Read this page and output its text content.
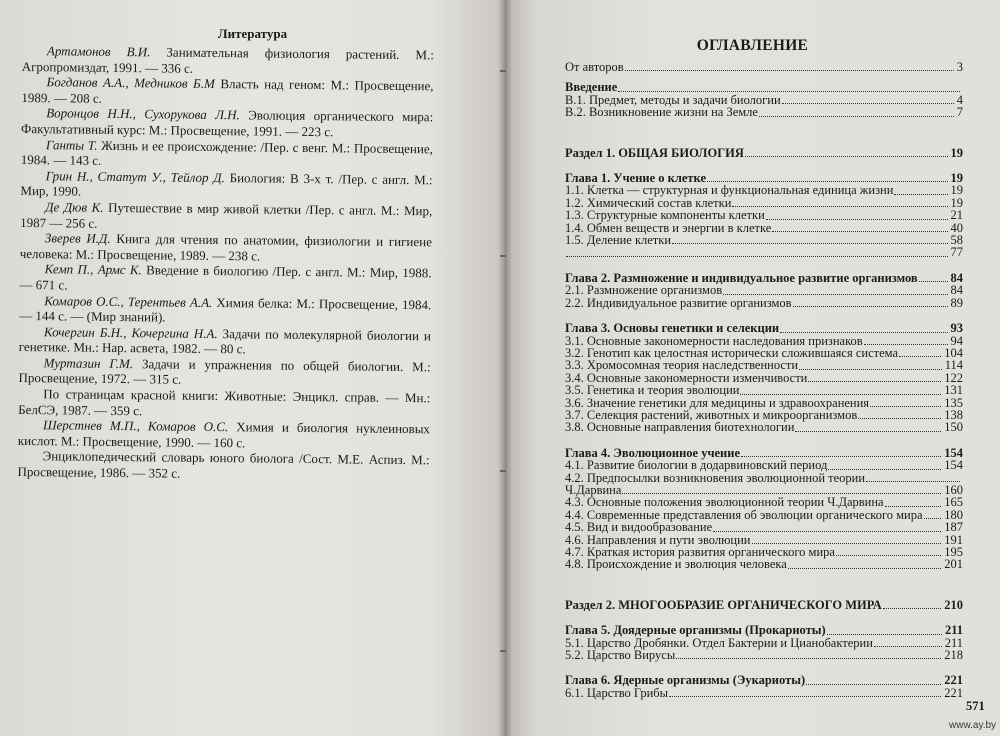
Литература

Артамонов В.И. Занимательная физиология растений. М.: Агропромиздат, 1991. — 336 с.

Богданов А.А., Медников Б.М Власть над геном: М.: Просвещение, 1989. — 208 с.

Воронцов Н.Н., Сухорукова Л.Н. Эволюция органического мира: Факультативный курс: М.: Просвещение, 1991. — 223 с.

Ганты Т. Жизнь и ее происхождение: /Пер. с венг. М.: Просвещение, 1984. — 143 с.

Грин Н., Статут У., Тейлор Д. Биология: В 3-х т. /Пер. с англ. М.: Мир, 1990.

Де Дюв К. Путешествие в мир живой клетки /Пер. с англ. М.: Мир, 1987 — 256 с.

Зверев И.Д. Книга для чтения по анатомии, физиологии и гигиене человека: М.: Просвещение, 1989. — 238 с.

Кемп П., Армс К. Введение в биологию /Пер. с англ. М.: Мир, 1988. — 671 с.

Комаров О.С., Терентьев А.А. Химия белка: М.: Просвещение, 1984. — 144 с. — (Мир знаний).

Кочергин Б.Н., Кочергина Н.А. Задачи по молекулярной биологии и генетике. Мн.: Нар. асвета, 1982. — 80 с.

Муртазин Г.М. Задачи и упражнения по общей биологии. М.: Просвещение, 1972. — 315 с.

По страницам красной книги: Животные: Энцикл. справ. — Мн.: БелСЭ, 1987. — 359 с.

Шерстнев М.П., Комаров О.С. Химия и биология нуклеиновых кислот. М.: Просвещение, 1990. — 160 с.

Энциклопедический словарь юного биолога /Сост. М.Е. Аспиз. М.: Просвещение, 1986. — 352 с.

ОГЛАВЛЕНИЕ
От авторов	3
Введение
В.1. Предмет, методы и задачи биологии	4
В.2. Возникновение жизни на Земле	7
Раздел 1. ОБЩАЯ БИОЛОГИЯ	19
Глава 1. Учение о клетке	19
1.1. Клетка — структурная и функциональная единица жизни	19
1.2. Химический состав клетки	19
1.3. Структурные компоненты клетки	21
1.4. Обмен веществ и энергии в клетке	40
1.5. Деление клетки	58
77
Глава 2. Размножение и индивидуальное развитие организмов	84
2.1. Размножение организмов	84
2.2. Индивидуальное развитие организмов	89
Глава 3. Основы генетики и селекции	93
3.1. Основные закономерности наследования признаков	94
3.2. Генотип как целостная исторически сложившаяся система	104
3.3. Хромосомная теория наследственности	114
3.4. Основные закономерности изменчивости	122
3.5. Генетика и теория эволюции	131
3.6. Значение генетики для медицины и здравоохранения	135
3.7. Селекция растений, животных и микроорганизмов	138
3.8. Основные направления биотехнологии	150
Глава 4. Эволюционное учение	154
4.1. Развитие биологии в додарвиновский период	154
4.2. Предпосылки возникновения эволюционной теории
Ч.Дарвина	160
4.3. Основные положения эволюционной теории Ч.Дарвина	165
4.4. Современные представления об эволюции органического мира 180
4.5. Вид и видообразование	187
4.6. Направления и пути эволюции	191
4.7. Краткая история развития органического мира	195
4.8. Происхождение и эволюция человека	201
Раздел 2. МНОГООБРАЗИЕ ОРГАНИЧЕСКОГО МИРА	210
Глава 5. Доядерные организмы (Прокариоты)	211
5.1. Царство Дробянки. Отдел Бактерии и Цианобактерии	211
5.2. Царство Вирусы	218
Глава 6. Ядерные организмы (Эукариоты)	221
6.1. Царство Грибы	221
571
www.ay.by
